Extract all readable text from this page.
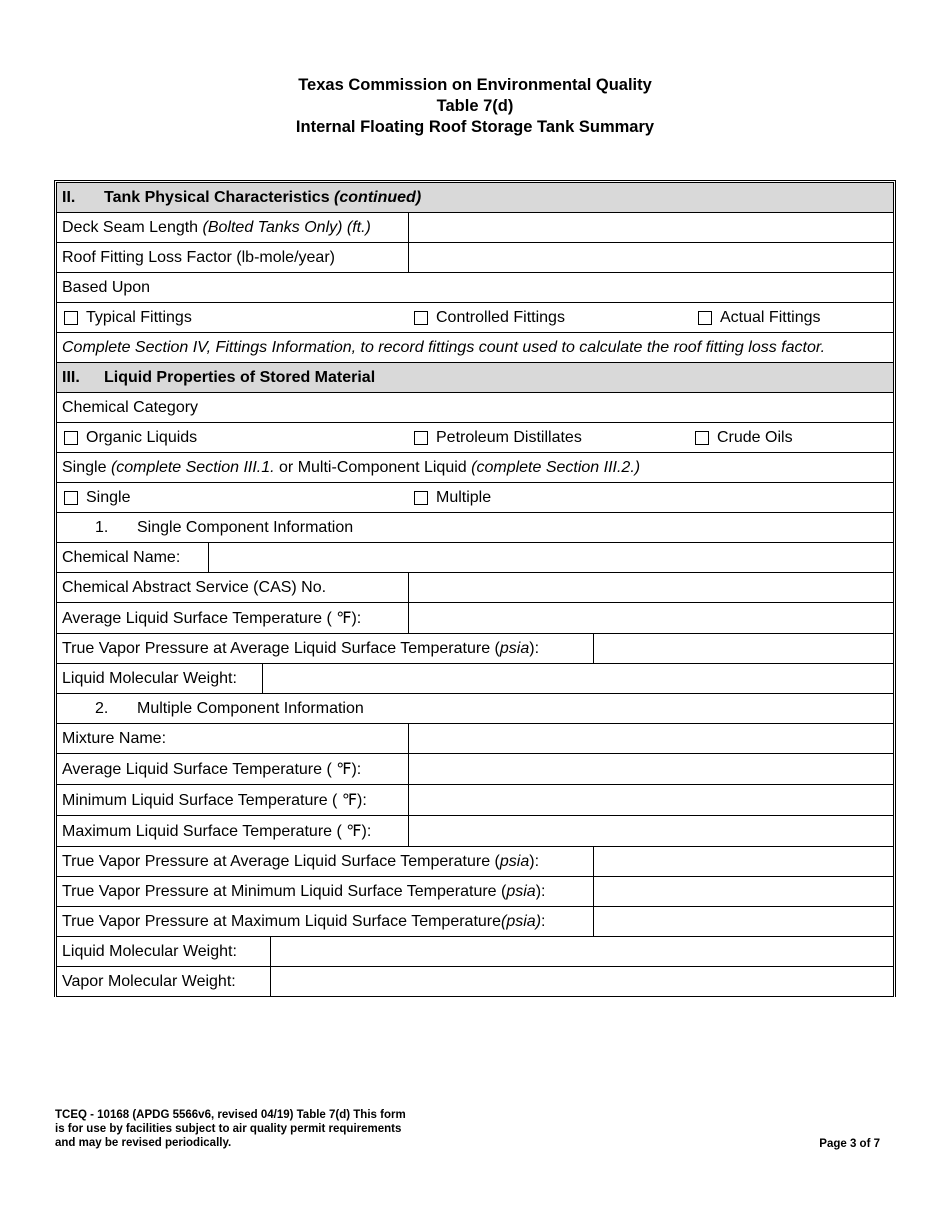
Texas Commission on Environmental Quality
Table 7(d)
Internal Floating Roof Storage Tank Summary
II.	Tank Physical Characteristics
(continued)
Deck Seam Length
(Bolted Tanks Only) (ft.)
Roof Fitting Loss Factor (lb-mole/year)
Based Upon
Typical Fittings	Controlled Fittings	Actual Fittings
Complete Section IV, Fittings Information, to record fittings count used to calculate the roof fitting loss factor.
III.	Liquid Properties of Stored Material
Chemical Category
Organic Liquids	Petroleum Distillates	Crude Oils
Single
(complete Section III.1.
or Multi-Component Liquid
(complete Section III.2.)
Single	Multiple
1.	Single Component Information
Chemical Name:
Chemical Abstract Service (CAS) No.
Average Liquid Surface Temperature ( ℉):
True Vapor Pressure at Average Liquid Surface Temperature ( psia ):
Liquid Molecular Weight:
2.	Multiple Component Information
Mixture Name:
Average Liquid Surface Temperature ( ℉):
Minimum Liquid Surface Temperature ( ℉):
Maximum Liquid Surface Temperature ( ℉):
True Vapor Pressure at Average Liquid Surface Temperature ( psia ):
True Vapor Pressure at Minimum Liquid Surface Temperature ( psia ):
True Vapor Pressure at Maximum Liquid Surface Temperature (psia) :
Liquid Molecular Weight:
Vapor Molecular Weight:
TCEQ - 10168 (APDG 5566v6, revised 04/19) Table 7(d) This form is for use by facilities subject to air quality permit requirements and may be revised periodically.	Page 3 of 7
